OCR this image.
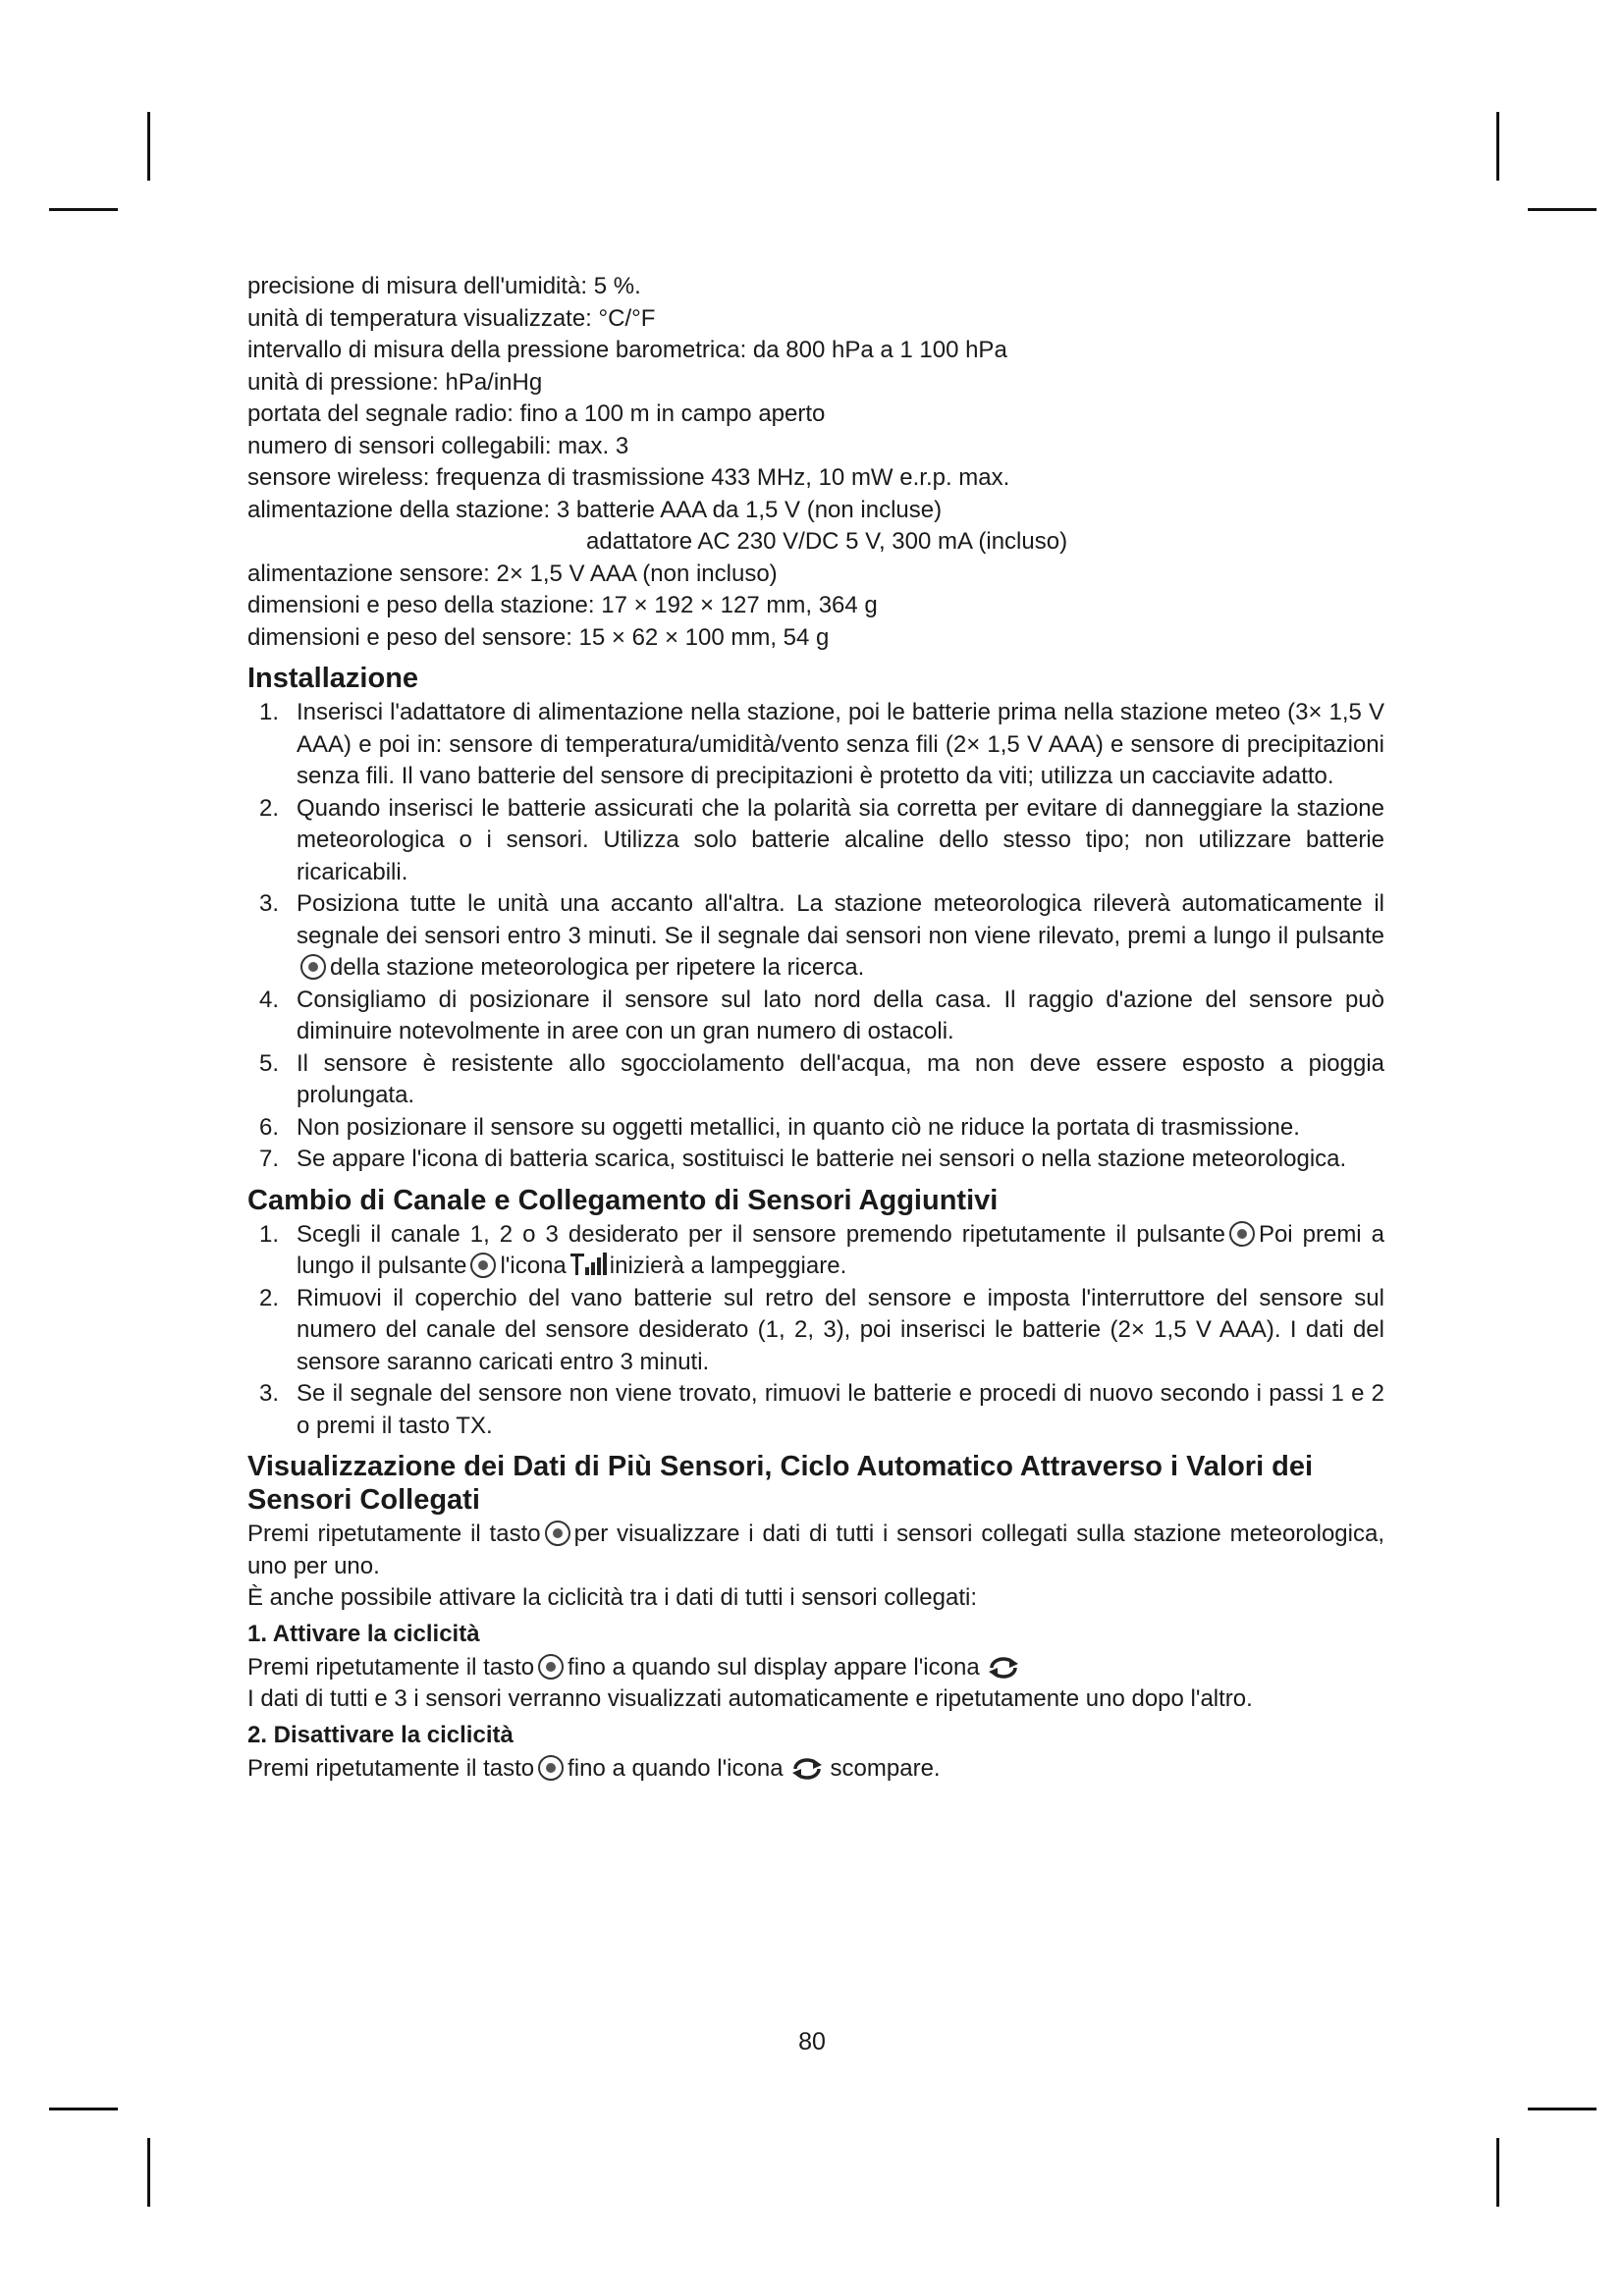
precisione di misura dell'umidità: 5 %.
unità di temperatura visualizzate: °C/°F
intervallo di misura della pressione barometrica: da 800 hPa a 1 100 hPa
unità di pressione: hPa/inHg
portata del segnale radio: fino a 100 m in campo aperto
numero di sensori collegabili: max. 3
sensore wireless: frequenza di trasmissione 433 MHz, 10 mW e.r.p. max.
alimentazione della stazione: 3 batterie AAA da 1,5 V (non incluse)
adattatore AC 230 V/DC 5 V, 300 mA (incluso)
alimentazione sensore: 2× 1,5 V AAA (non incluso)
dimensioni e peso della stazione: 17 × 192 × 127 mm, 364 g
dimensioni e peso del sensore: 15 × 62 × 100 mm, 54 g
Installazione
1. Inserisci l'adattatore di alimentazione nella stazione, poi le batterie prima nella stazione meteo (3× 1,5 V AAA) e poi in: sensore di temperatura/umidità/vento senza fili (2× 1,5 V AAA) e sensore di precipitazioni senza fili. Il vano batterie del sensore di precipitazioni è protetto da viti; utilizza un cacciavite adatto.
2. Quando inserisci le batterie assicurati che la polarità sia corretta per evitare di danneggiare la stazione meteorologica o i sensori. Utilizza solo batterie alcaline dello stesso tipo; non utilizzare batterie ricaricabili.
3. Posiziona tutte le unità una accanto all'altra. La stazione meteorologica rileverà automaticamente il segnale dei sensori entro 3 minuti. Se il segnale dai sensori non viene rilevato, premi a lungo il pulsantedella stazione meteorologica per ripetere la ricerca.
4. Consigliamo di posizionare il sensore sul lato nord della casa. Il raggio d'azione del sensore può diminuire notevolmente in aree con un gran numero di ostacoli.
5. Il sensore è resistente allo sgocciolamento dell'acqua, ma non deve essere esposto a pioggia prolungata.
6. Non posizionare il sensore su oggetti metallici, in quanto ciò ne riduce la portata di trasmissione.
7. Se appare l'icona di batteria scarica, sostituisci le batterie nei sensori o nella stazione meteorologica.
Cambio di Canale e Collegamento di Sensori Aggiuntivi
1. Scegli il canale 1, 2 o 3 desiderato per il sensore premendo ripetutamente il pulsante Poi premi a lungo il pulsante l'icona inizierà a lampeggiare.
2. Rimuovi il coperchio del vano batterie sul retro del sensore e imposta l'interruttore del sensore sul numero del canale del sensore desiderato (1, 2, 3), poi inserisci le batterie (2× 1,5 V AAA). I dati del sensore saranno caricati entro 3 minuti.
3. Se il segnale del sensore non viene trovato, rimuovi le batterie e procedi di nuovo secondo i passi 1 e 2 o premi il tasto TX.
Visualizzazione dei Dati di Più Sensori, Ciclo Automatico Attraverso i Valori dei Sensori Collegati

Premi ripetutamente il tasto per visualizzare i dati di tutti i sensori collegati sulla stazione meteorologica, uno per uno.

È anche possibile attivare la ciclicità tra i dati di tutti i sensori collegati:

1. Attivare la ciclicità

Premi ripetutamente il tasto fino a quando sul display appare l'icona

I dati di tutti e 3 i sensori verranno visualizzati automaticamente e ripetutamente uno dopo l'altro.

2. Disattivare la ciclicità

Premi ripetutamente il tasto fino a quando l'icona scompare.

80
